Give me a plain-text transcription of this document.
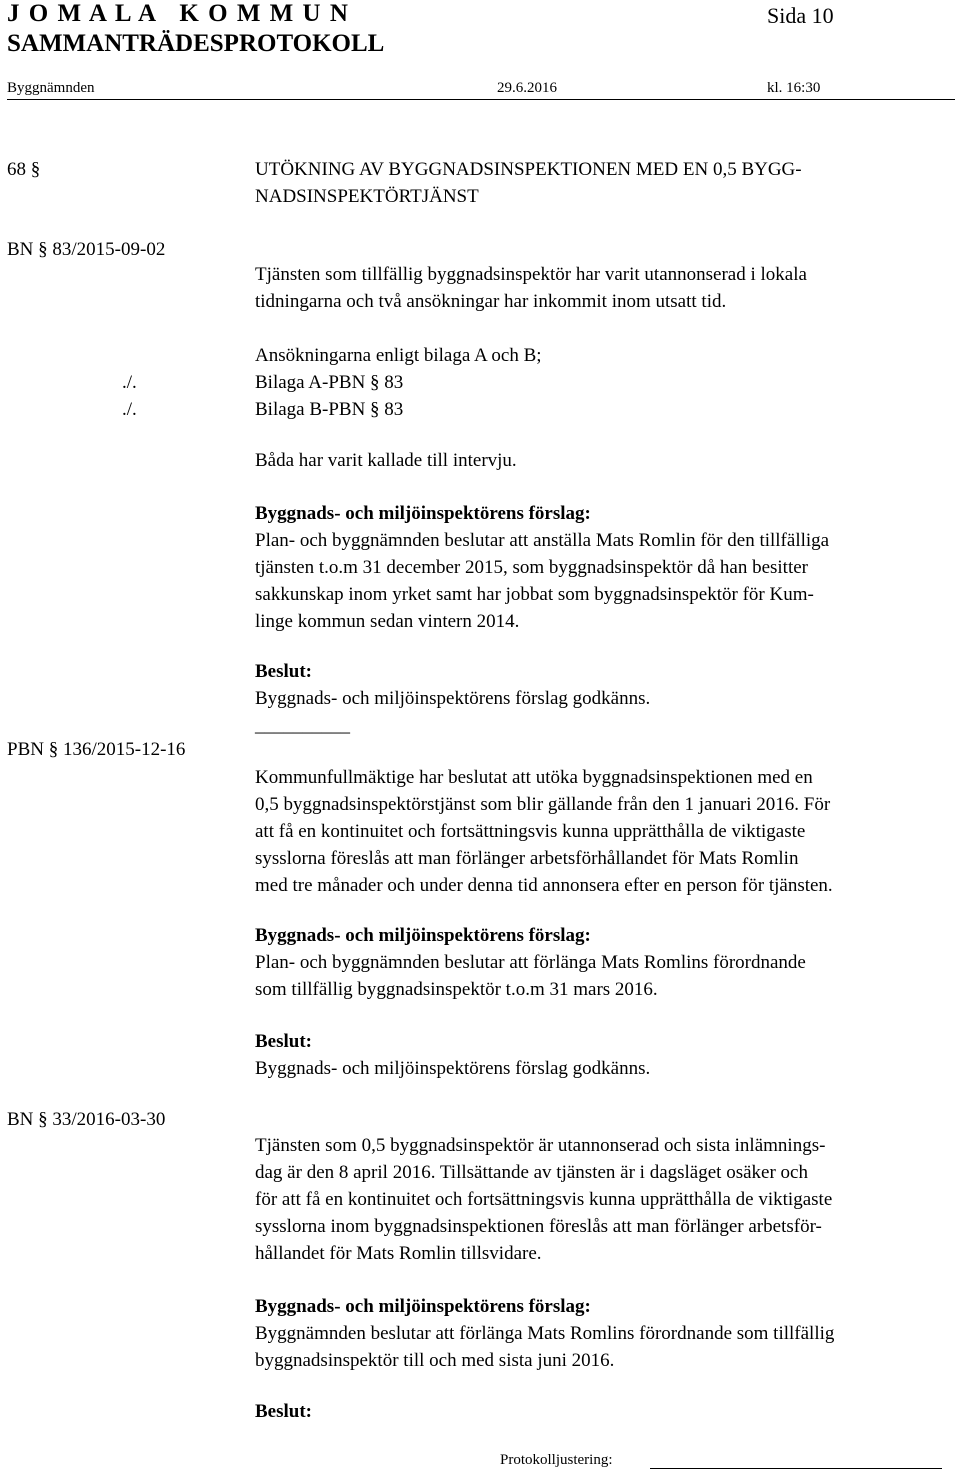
J O M A L A   K O M M U N	Sida 10
SAMMANTRÄDESPROTOKOLL
Byggnämnden	29.6.2016	kl. 16:30
68 §	UTÖKNING AV BYGGNADSINSPEKTIONEN MED EN 0,5 BYGG-
NADSINSPEKTÖRTJÄNST
BN § 83/2015-09-02
PBN § 136/2015-12-16
BN § 33/2016-03-30
Tjänsten som tillfällig byggnadsinspektör har varit utannonserad i lokala
tidningarna och två ansökningar har inkommit inom utsatt tid.
Ansökningarna enligt bilaga A och B;
./.	Bilaga A-PBN § 83
./.	Bilaga B-PBN § 83
Båda har varit kallade till intervju.
Byggnads- och miljöinspektörens förslag:
Plan- och byggnämnden beslutar att anställa Mats Romlin för den tillfälliga
tjänsten t.o.m 31 december 2015, som byggnadsinspektör då han besitter
sakkunskap inom yrket samt har jobbat som byggnadsinspektör för Kum-
linge kommun sedan vintern 2014.
Beslut:
Byggnads- och miljöinspektörens förslag godkänns.
__________
Kommunfullmäktige har beslutat att utöka byggnadsinspektionen med en
0,5 byggnadsinspektörstjänst som blir gällande från den 1 januari 2016. För
att få en kontinuitet och fortsättningsvis kunna upprätthålla de viktigaste
sysslorna föreslås att man förlänger arbetsförhållandet för Mats Romlin
med tre månader och under denna tid annonsera efter en person för tjänsten.
Byggnads- och miljöinspektörens förslag:
Plan- och byggnämnden beslutar att förlänga Mats Romlins förordnande
som tillfällig byggnadsinspektör t.o.m 31 mars 2016.
Beslut:
Byggnads- och miljöinspektörens förslag godkänns.
Tjänsten som 0,5 byggnadsinspektör är utannonserad och sista inlämnings-
dag är den 8 april 2016. Tillsättande av tjänsten är i dagsläget osäker och
för att få en kontinuitet och fortsättningsvis kunna upprätthålla de viktigaste
sysslorna inom byggnadsinspektionen föreslås att man förlänger arbetsför-
hållandet för Mats Romlin tillsvidare.
Byggnads- och miljöinspektörens förslag:
Byggnämnden beslutar att förlänga Mats Romlins förordnande som tillfällig
byggnadsinspektör till och med sista juni 2016.
Beslut:
Protokolljustering:
